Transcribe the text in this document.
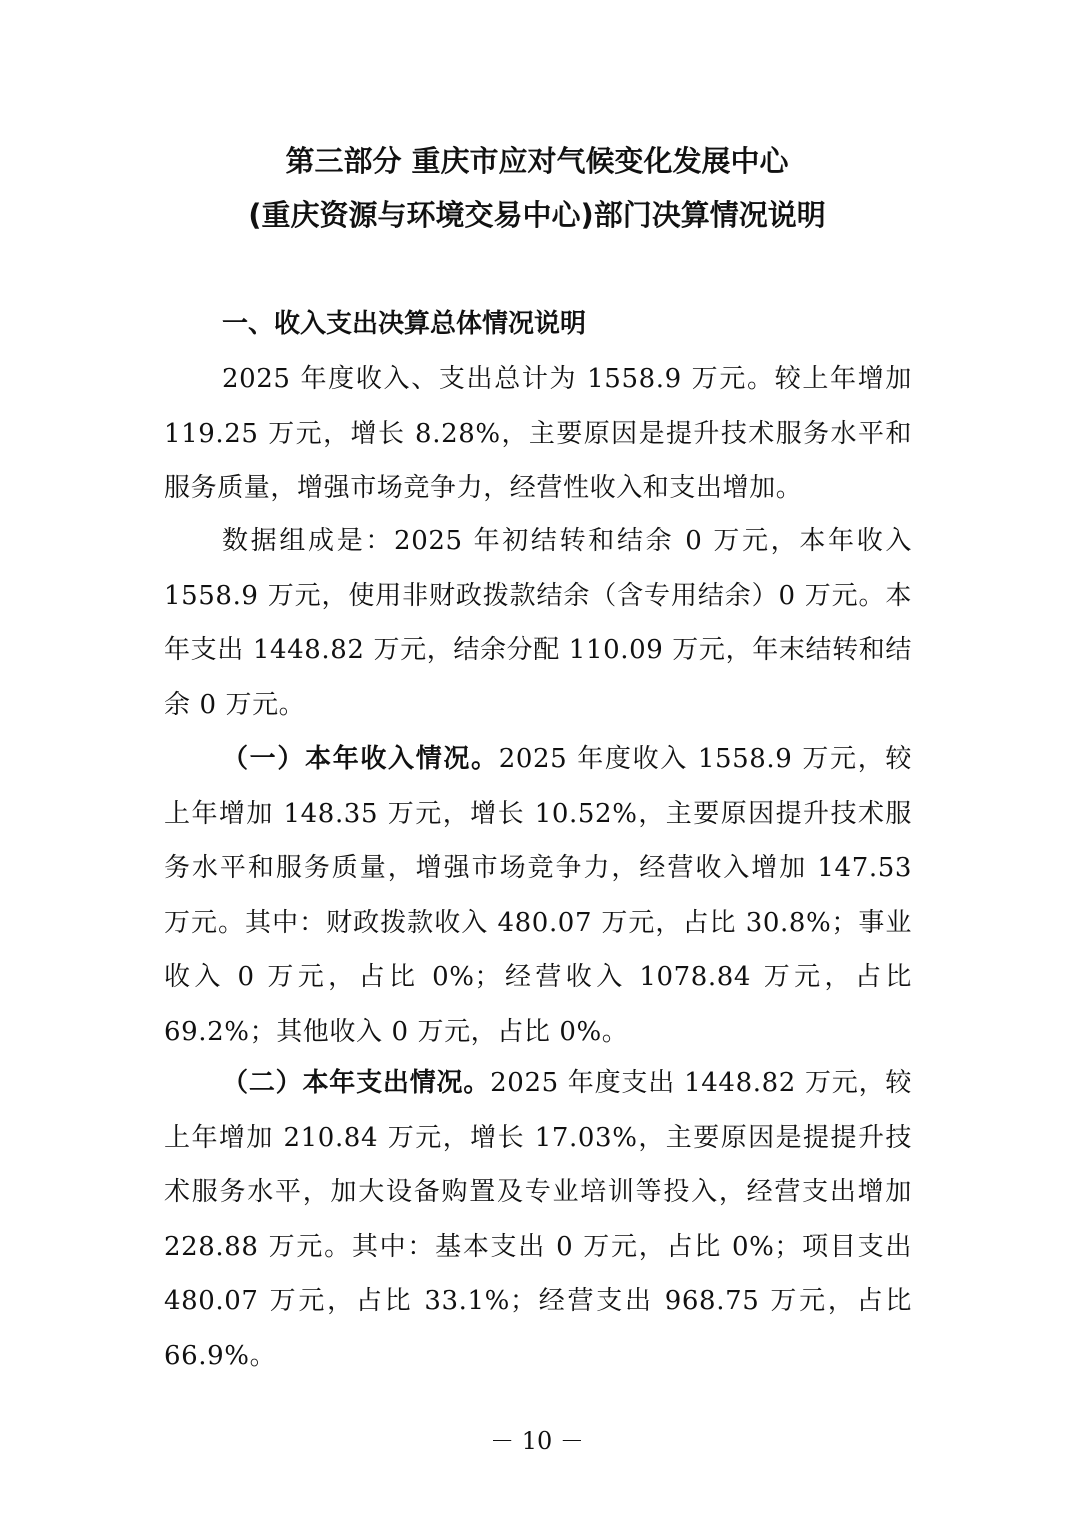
第三部分 重庆市应对气候变化发展中心
(重庆资源与环境交易中心)部门决算情况说明
一、收入支出决算总体情况说明

2025 年度收入、支出总计为 1558.9 万元。较上年增加 119.25 万元，增长 8.28%，主要原因是提升技术服务水平和服务质量，增强市场竞争力，经营性收入和支出增加。

数据组成是：2025 年初结转和结余 0 万元，本年收入 1558.9 万元，使用非财政拨款结余（含专用结余）0 万元。本年支出 1448.82 万元，结余分配 110.09 万元，年末结转和结余 0 万元。

（一）本年收入情况。2025 年度收入 1558.9 万元，较上年增加 148.35 万元，增长 10.52%，主要原因提升技术服务水平和服务质量，增强市场竞争力，经营收入增加 147.53 万元。其中：财政拨款收入 480.07 万元，占比 30.8%；事业收入 0 万元，占比 0%；经营收入 1078.84 万元，占比 69.2%；其他收入 0 万元，占比 0%。

（二）本年支出情况。2025 年度支出 1448.82 万元，较上年增加 210.84 万元，增长 17.03%，主要原因是提提升技术服务水平，加大设备购置及专业培训等投入，经营支出增加 228.88 万元。其中：基本支出 0 万元，占比 0%；项目支出 480.07 万元，占比 33.1%；经营支出 968.75 万元，占比 66.9%。

－ 10 －
